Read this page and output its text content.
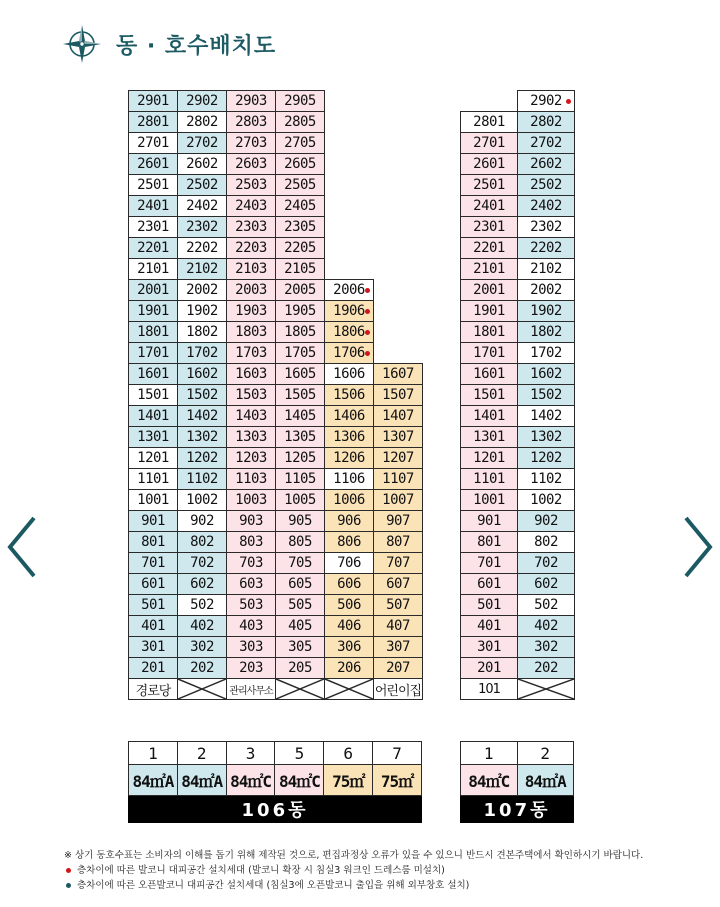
동 · 호수배치도
2901	2902	2903	2905		
2801	2802	2803	2805		
2701	2702	2703	2705		
2601	2602	2603	2605		
2501	2502	2503	2505		
2401	2402	2403	2405		
2301	2302	2303	2305		
2201	2202	2203	2205		
2101	2102	2103	2105		
2001	2002	2003	2005	2006	
1901	1902	1903	1905	1906	
1801	1802	1803	1805	1806	
1701	1702	1703	1705	1706	
1601	1602	1603	1605	1606	1607
1501	1502	1503	1505	1506	1507
1401	1402	1403	1405	1406	1407
1301	1302	1303	1305	1306	1307
1201	1202	1203	1205	1206	1207
1101	1102	1103	1105	1106	1107
1001	1002	1003	1005	1006	1007
901	902	903	905	906	907
801	802	803	805	806	807
701	702	703	705	706	707
601	602	603	605	606	607
501	502	503	505	506	507
401	402	403	405	406	407
301	302	303	305	306	307
201	202	203	205	206	207
경로당		관리사무소			어린이집
	2902
2801	2802
2701	2702
2601	2602
2501	2502
2401	2402
2301	2302
2201	2202
2101	2102
2001	2002
1901	1902
1801	1802
1701	1702
1601	1602
1501	1502
1401	1402
1301	1302
1201	1202
1101	1102
1001	1002
901	902
801	802
701	702
601	602
501	502
401	402
301	302
201	202
101	
1	2	3	5	6	7
84㎡A	84㎡A	84㎡C	84㎡C	75㎡	75㎡
106동					
1	2
84㎡C	84㎡A
107동	
※ 상기 동호수표는 소비자의 이해를 돕기 위해 제작된 것으로, 편집과정상 오류가 있을 수 있으니 반드시 견본주택에서 확인하시기 바랍니다.
층차이에 따른 발코니 대피공간 설치세대 (발코니 확장 시 침실3 워크인 드레스룸 미설치)
층차이에 따른 오픈발코니 대피공간 설치세대 (침실3에 오픈발코니 출입을 위해 외부창호 설치)
